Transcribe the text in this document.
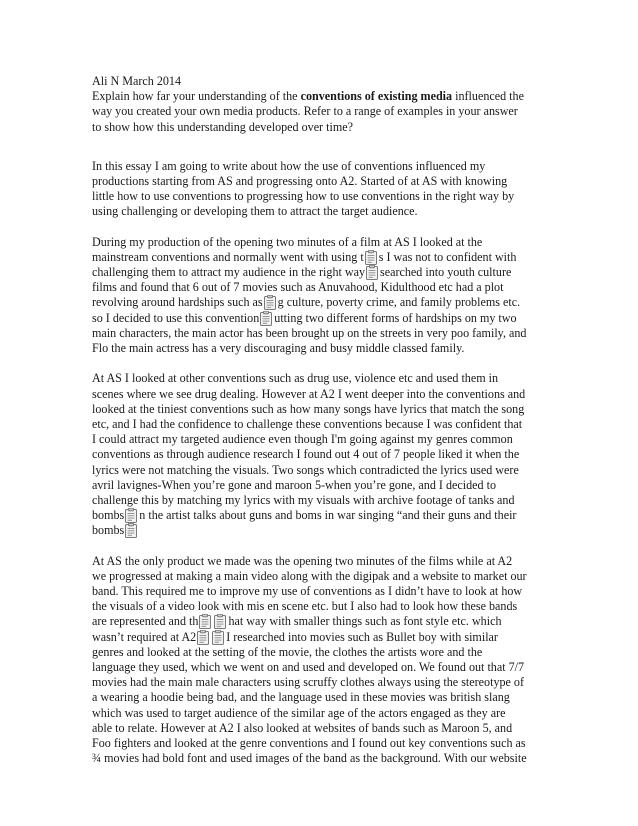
Ali N March 2014
Explain how far your understanding of the conventions of existing media influenced the
way you created your own media products. Refer to a range of examples in your answer
to show how this understanding developed over time?
In this essay I am going to write about how the use of conventions influenced my
productions starting from AS and progressing onto A2. Started of at AS with knowing
little how to use conventions to progressing how to use conventions in the right way by
using challenging or developing them to attract the target audience.
During my production of the opening two minutes of a film at AS I looked at the
mainstream conventions and normally went with using t s I was not to confident with
challenging them to attract my audience in the right way searched into youth culture
films and found that 6 out of 7 movies such as Anuvahood, Kidulthood etc had a plot
revolving around hardships such as g culture, poverty crime, and family problems etc.
so I decided to use this convention utting two different forms of hardships on my two
main characters, the main actor has been brought up on the streets in very poo family, and
Flo the main actress has a very discouraging and busy middle classed family.
At AS I looked at other conventions such as drug use, violence etc and used them in
scenes where we see drug dealing. However at A2 I went deeper into the conventions and
looked at the tiniest conventions such as how many songs have lyrics that match the song
etc, and I had the confidence to challenge these conventions because I was confident that
I could attract my targeted audience even though I'm going against my genres common
conventions as through audience research I found out 4 out of 7 people liked it when the
lyrics were not matching the visuals. Two songs which contradicted the lyrics used were
avril lavignes-When you’re gone and maroon 5-when you’re gone, and I decided to
challenge this by matching my lyrics with my visuals with archive footage of tanks and
bombs n the artist talks about guns and boms in war singing “and their guns and their
bombs
At AS the only product we made was the opening two minutes of the films while at A2
we progressed at making a main video along with the digipak and a website to market our
band. This required me to improve my use of conventions as I didn’t have to look at how
the visuals of a video look with mis en scene etc. but I also had to look how these bands
are represented and th hat way with smaller things such as font style etc. which
wasn’t required at A2 I researched into movies such as Bullet boy with similar
genres and looked at the setting of the movie, the clothes the artists wore and the
language they used, which we went on and used and developed on. We found out that 7/7
movies had the main male characters using scruffy clothes always using the stereotype of
a wearing a hoodie being bad, and the language used in these movies was british slang
which was used to target audience of the similar age of the actors engaged as they are
able to relate. However at A2 I also looked at websites of bands such as Maroon 5, and
Foo fighters and looked at the genre conventions and I found out key conventions such as
¾ movies had bold font and used images of the band as the background. With our website
